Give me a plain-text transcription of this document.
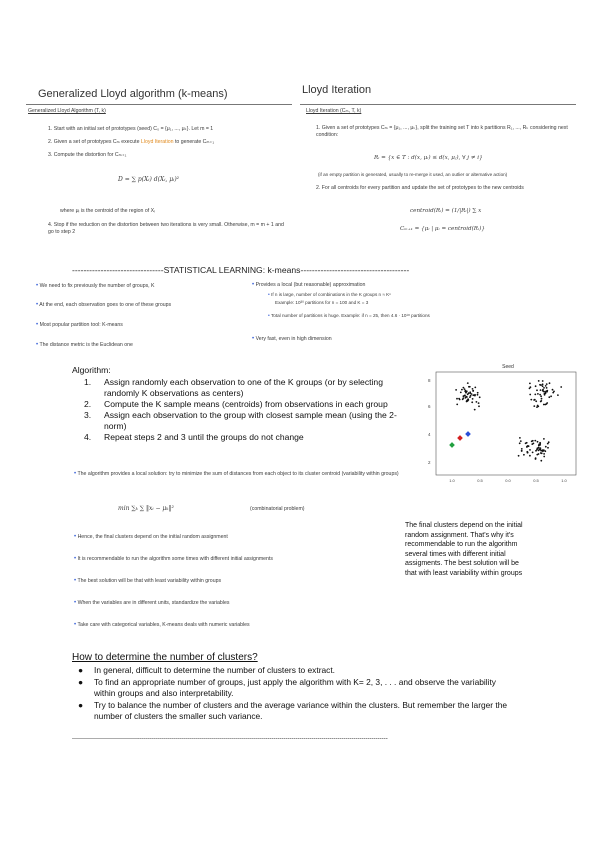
Generalized Lloyd algorithm (k-means)
Generalized Lloyd Algorithm (T, k)
1. Start with an initial set of prototypes (seed) C₀ = {μ₁, ..., μₖ}. Let m = 1
2. Given a set of prototypes Cₘ execute Lloyd Iteration to generate Cₘ₊₁
3. Compute the distortion for Cₘ₊₁
D = ∑ p(Xᵢ) d(Xᵢ, μᵢ)²
where μᵢ is the centroid of the region of Xᵢ
4. Stop if the reduction on the distortion between two iterations is very small. Otherwise, m = m + 1 and go to step 2
Lloyd Iteration
Lloyd Iteration (Cₘ, T, k)
1. Given a set of prototypes Cₘ = {μ₁, ..., μₖ}, split the training set T into k partitions R₁, ..., Rₖ considering next condition:
Rᵢ = {x ∈ T : d(x, μᵢ) ≤ d(x, μⱼ), ∀ j ≠ i}
(if an empty partition is generated, usually to re-merge it used, an outlier or alternative action)
2. For all centroids for every partition and update the set of prototypes to the new centroids
centroid(Rᵢ) = (1/|Rᵢ|) ∑ x
Cₘ₊₁ = {μᵢ | μᵢ = centroid(Rᵢ)}
--------------------------------STATISTICAL LEARNING: k-means--------------------------------------
• We need to fix previously the number of groups, K
• At the end, each observation goes to one of these groups
• Most popular partition tool: K-means
• The distance metric is the Euclidean one
• Provides a local (but reasonable) approximation
• If n is large, number of combinations in the K groups n ≈ Kⁿ
Example: 10³⁰ partitions for n = 100 and K = 3
• Total number of partitions is huge. Example: if n = 25, then 4.6 · 10¹⁸ partitions
• Very fast, even in high dimension
Algorithm:
1. Assign randomly each observation to one of the K groups (or by selecting randomly K observations as centers)
2. Compute the K sample means (centroids) from observations in each group
3. Assign each observation to the group with closest sample mean (using the 2-norm)
4. Repeat steps 2 and 3 until the groups do not change
Seed
8
6
4
2
1.0	0.5	0.0	0.5	1.0
• The algorithm provides a local solution: try to minimize the sum of distances from each object to its cluster centroid (variability within groups)
min ∑ₖ ∑ ‖xᵢ − μₖ‖²	(combinatorial problem)
• Hence, the final clusters depend on the initial random assignment
• It is recommendable to run the algorithm some times with different initial assignments
• The best solution will be that with least variability within groups
• When the variables are in different units, standardize the variables
• Take care with categorical variables, K-means deals with numeric variables
The final clusters depend on the initial random assignment. That's why it's recommendable to run the algorithm several times with different initial assigments. The best solution will be that with least variability within groups
How to determine the number of clusters?
●	In general, difficult to determine the number of clusters to extract.
●	To find an appropriate number of groups, just apply the algorithm with K= 2, 3, . . . and observe the variability within groups and also interpretability.
●	Try to balance the number of clusters and the average variance within the clusters. But remember the larger the number of clusters the smaller such variance.
--------------------------------------------------------------------------------------------------------------------------------------------------------------
